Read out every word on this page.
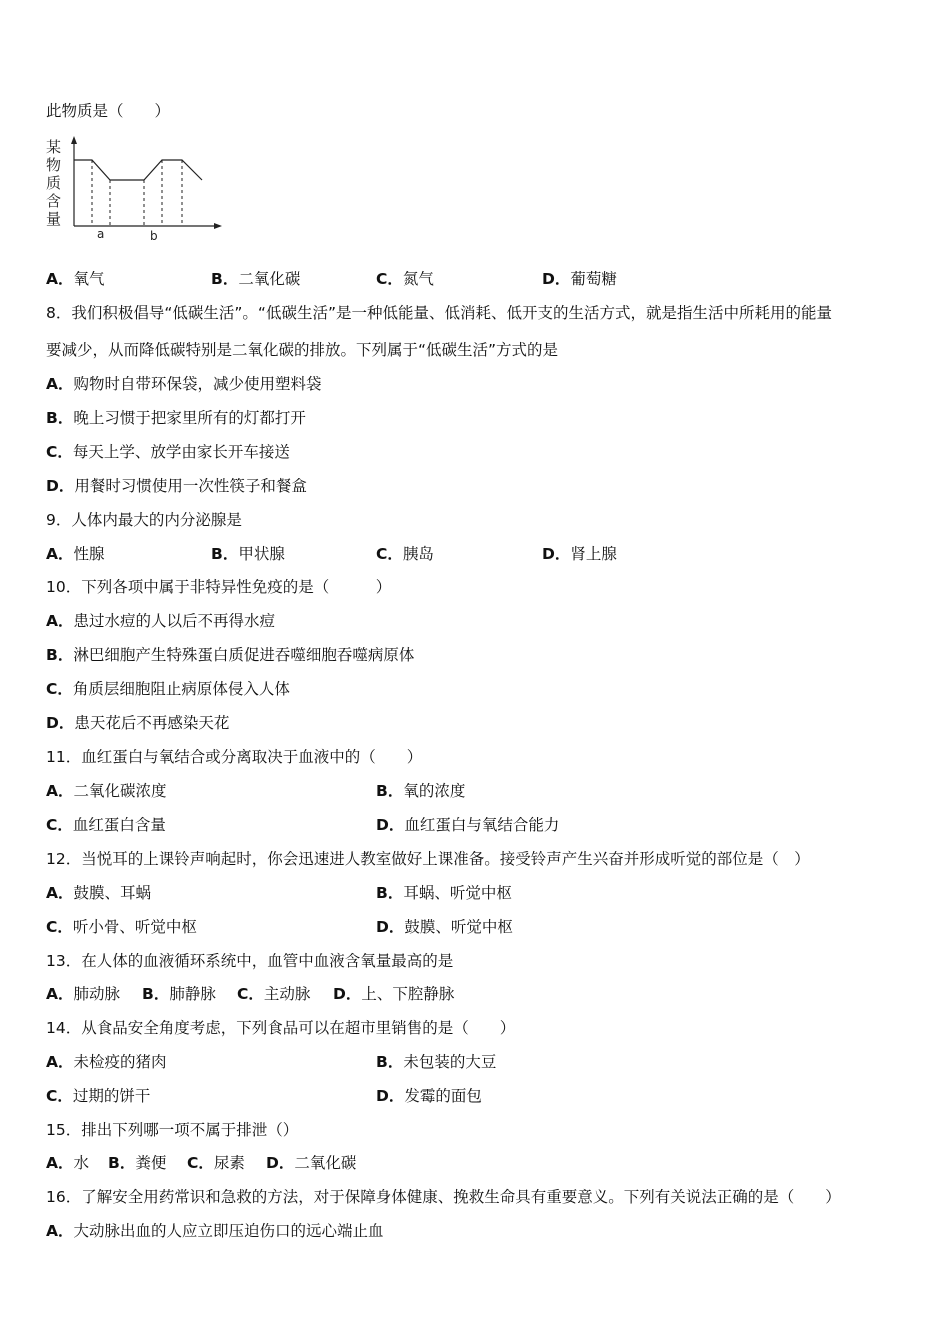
此物质是（　　）
某
物
质
含
量
a	b
A．氧气	B．二氧化碳	C．氮气	D．葡萄糖
8．我们积极倡导“低碳生活”。“低碳生活”是一种低能量、低消耗、低开支的生活方式，就是指生活中所耗用的能量
要减少，从而降低碳特别是二氧化碳的排放。下列属于“低碳生活”方式的是
A．购物时自带环保袋，减少使用塑料袋
B．晚上习惯于把家里所有的灯都打开
C．每天上学、放学由家长开车接送
D．用餐时习惯使用一次性筷子和餐盒
9．人体内最大的内分泌腺是
A．性腺	B．甲状腺	C．胰岛	D．肾上腺
10．下列各项中属于非特异性免疫的是（　　　）
A．患过水痘的人以后不再得水痘
B．淋巴细胞产生特殊蛋白质促进吞噬细胞吞噬病原体
C．角质层细胞阻止病原体侵入人体
D．患天花后不再感染天花
11．血红蛋白与氧结合或分离取决于血液中的（　　）
A．二氧化碳浓度	B．氧的浓度
C．血红蛋白含量	D．血红蛋白与氧结合能力
12．当悦耳的上课铃声响起时，你会迅速进人教室做好上课准备。接受铃声产生兴奋并形成听觉的部位是（　）
A．鼓膜、耳蜗	B．耳蜗、听觉中枢
C．听小骨、听觉中枢	D．鼓膜、听觉中枢
13．在人体的血液循环系统中，血管中血液含氧量最高的是
A．肺动脉 B．肺静脉 C．主动脉 D．上、下腔静脉
14．从食品安全角度考虑，下列食品可以在超市里销售的是（　　）
A．未检疫的猪肉	B．未包装的大豆
C．过期的饼干	D．发霉的面包
15．排出下列哪一项不属于排泄（）
A．水 B．粪便 C．尿素 D．二氧化碳
16．了解安全用药常识和急救的方法，对于保障身体健康、挽救生命具有重要意义。下列有关说法正确的是（　　）
A．大动脉出血的人应立即压迫伤口的远心端止血
